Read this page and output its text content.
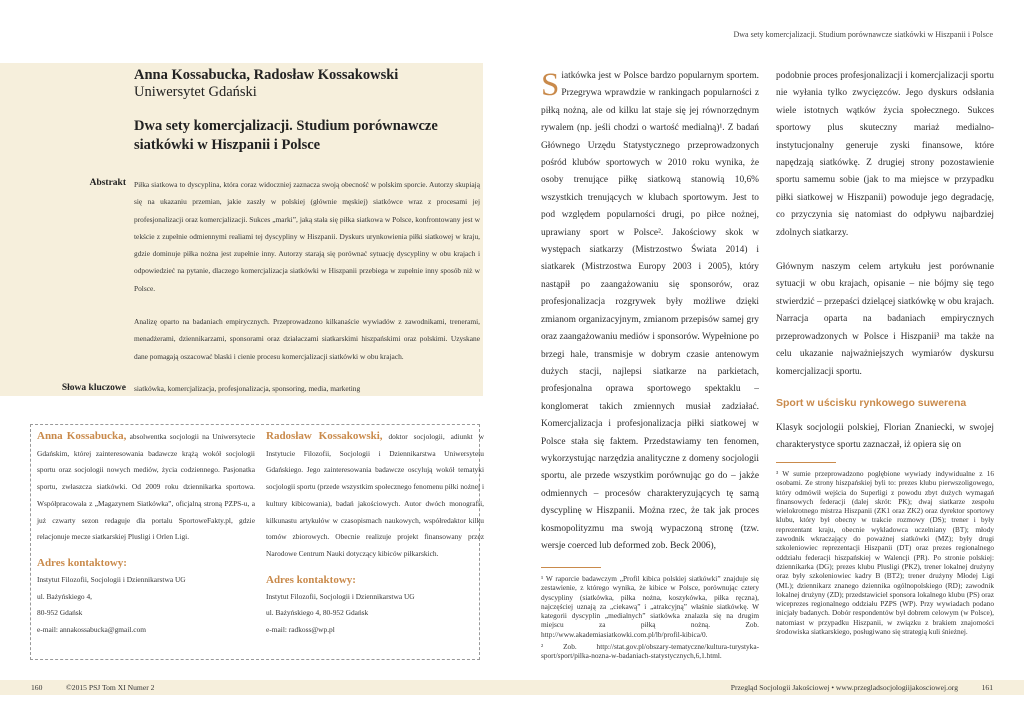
Dwa sety komercjalizacji. Studium porównawcze siatkówki w Hiszpanii i Polsce
Anna Kossabucka, Radosław Kossakowski
Uniwersytet Gdański
Dwa sety komercjalizacji. Studium porównawcze siatkówki w Hiszpanii i Polsce
Abstrakt Piłka siatkowa to dyscyplina, która coraz widoczniej zaznacza swoją obecność w polskim sporcie. Autorzy skupiają się na ukazaniu przemian, jakie zaszły w polskiej (głównie męskiej) siatkówce wraz z procesami jej profesjonalizacji oraz komercjalizacji. Sukces „marki”, jaką stała się piłka siatkowa w Polsce, konfrontowany jest w tekście z zupełnie odmiennymi realiami tej dyscypliny w Hiszpanii. Dyskurs urynkowienia piłki siatkowej w kraju, gdzie dominuje piłka nożna jest zupełnie inny. Autorzy starają się porównać sytuację dyscypliny w obu krajach i odpowiedzieć na pytanie, dlaczego komercjalizacja siatkówki w Hiszpanii przebiega w zupełnie inny sposób niż w Polsce.

Analizę oparto na badaniach empirycznych. Przeprowadzono kilkanaście wywiadów z zawodnikami, trenerami, menadżerami, dziennikarzami, sponsorami oraz działaczami siatkarskimi hiszpańskimi oraz polskimi. Uzyskane dane pomagają oszacować blaski i cienie procesu komercjalizacji siatkówki w obu krajach.

Słowa kluczowe siatkówka, komercjalizacja, profesjonalizacja, sponsoring, media, marketing

Anna Kossabucka, absolwentka socjologii na Uniwersytecie Gdańskim, której zainteresowania badawcze krążą wokół socjologii sportu oraz socjologii nowych mediów, życia codziennego. Pasjonatka sportu, zwłaszcza siatkówki. Od 2009 roku dziennikarka sportowa. Współpracowała z „Magazynem Siatkówka”, oficjalną stroną PZPS-u, a już czwarty sezon redaguje dla portalu SportoweFakty.pl, gdzie relacjonuje mecze siatkarskiej Plusligi i Orlen Ligi.

Adres kontaktowy:
Instytut Filozofii, Socjologii i Dziennikarstwa UG
ul. Bażyńskiego 4,
80-952 Gdańsk
e-mail: annakossabucka@gmail.com

Radosław Kossakowski, doktor socjologii, adiunkt w Instytucie Filozofii, Socjologii i Dziennikarstwa Uniwersytetu Gdańskiego. Jego zainteresowania badawcze oscylują wokół tematyki socjologii sportu (przede wszystkim społecznego fenomenu piłki nożnej i kultury kibicowania), badań jakościowych. Autor dwóch monografii, kilkunastu artykułów w czasopismach naukowych, współredaktor kilku tomów zbiorowych. Obecnie realizuje projekt finansowany przez Narodowe Centrum Nauki dotyczący kibiców piłkarskich.

Adres kontaktowy:
Instytut Filozofii, Socjologii i Dziennikarstwa UG
ul. Bażyńskiego 4, 80-952 Gdańsk
e-mail: radkoss@wp.pl

Siatkówka jest w Polsce bardzo popularnym sportem. Przegrywa wprawdzie w rankingach popularności z piłką nożną, ale od kilku lat staje się jej równorzędnym rywalem (np. jeśli chodzi o wartość medialną)¹. Z badań Głównego Urzędu Statystycznego przeprowadzonych pośród klubów sportowych w 2010 roku wynika, że osoby trenujące piłkę siatkową stanowią 10,6% wszystkich trenujących w klubach sportowym. Jest to pod względem popularności drugi, po piłce nożnej, uprawiany sport w Polsce². Jakościowy skok w występach siatkarzy (Mistrzostwo Świata 2014) i siatkarek (Mistrzostwa Europy 2003 i 2005), który nastąpił po zaangażowaniu się sponsorów, oraz profesjonalizacja rozgrywek były możliwe dzięki zmianom organizacyjnym, zmianom przepisów samej gry oraz zaangażowaniu mediów i sponsorów. Wypełnione po brzegi hale, transmisje w dobrym czasie antenowym dużych stacji, najlepsi siatkarze na parkietach, profesjonalna oprawa sportowego spektaklu – konglomerat takich zmiennych musiał zadziałać. Komercjalizacja i profesjonalizacja piłki siatkowej w Polsce stała się faktem. Przedstawiamy ten fenomen, wykorzystując narzędzia analityczne z domeny socjologii sportu, ale przede wszystkim porównując go do – jakże odmiennych – procesów charakteryzujących tę samą dyscyplinę w Hiszpanii. Można rzec, że tak jak proces kosmopolityzmu ma swoją wypaczoną stronę (tzw. wersje coerced lub deformed zob. Beck 2006),

¹ W raporcie badawczym „Profil kibica polskiej siatkówki” znajduje się zestawienie, z którego wynika, że kibice w Polsce, porównując cztery dyscypliny (siatkówka, piłka nożna, koszykówka, piłka ręczna), najczęściej uznają za „ciekawą” i „atrakcyjną” właśnie siatkówkę. W kategorii dyscyplin „medialnych” siatkówka znalazła się na drugim miejscu za piłką nożną. Zob. http://www.akademiasiatkowki.com.pl/lb/profil-kibica/0.

² Zob. http://stat.gov.pl/obszary-tematyczne/kultura-turystyka-sport/sport/pilka-nozna-w-badaniach-statystycznych,6,1.html.

podobnie proces profesjonalizacji i komercjalizacji sportu nie wyłania tylko zwycięzców. Jego dyskurs odsłania wiele istotnych wątków życia społecznego. Sukces sportowy plus skuteczny mariaż medialno-instytucjonalny generuje zyski finansowe, które napędzają siatkówkę. Z drugiej strony pozostawienie sportu samemu sobie (jak to ma miejsce w przypadku piłki siatkowej w Hiszpanii) powoduje jego degradację, co przyczynia się natomiast do odpływu najbardziej zdolnych siatkarzy.

Głównym naszym celem artykułu jest porównanie sytuacji w obu krajach, opisanie – nie bójmy się tego stwierdzić – przepaści dzielącej siatkówkę w obu krajach. Narracja oparta na badaniach empirycznych przeprowadzonych w Polsce i Hiszpanii³ ma także na celu ukazanie najważniejszych wymiarów dyskursu komercjalizacji sportu.

Sport w uścisku rynkowego suwerena

Klasyk socjologii polskiej, Florian Znaniecki, w swojej charakterystyce sportu zaznaczał, iż opiera się on

³ W sumie przeprowadzono pogłębione wywiady indywidualne z 16 osobami. Ze strony hiszpańskiej byli to: prezes klubu pierwszoligowego, który odmówił wejścia do Superligi z powodu zbyt dużych wymagań finansowych federacji (dalej skrót: PK); dwaj siatkarze zespołu wielokrotnego mistrza Hiszpanii (ZK1 oraz ZK2) oraz dyrektor sportowy klubu, który był obecny w trakcie rozmowy (DS); trener i były reprezentant kraju, obecnie wykładowca uczelniany (BT); młody zawodnik wkraczający do poważnej siatkówki (MZ); były drugi szkoleniowiec reprezentacji Hiszpanii (DT) oraz prezes regionalnego oddziału federacji hiszpańskiej w Walencji (PR). Po stronie polskiej: dziennikarka (DG); prezes klubu Plusligi (PK2), trener lokalnej drużyny oraz były szkoleniowiec kadry B (BT2); trener drużyny Młodej Ligi (ML); dziennikarz znanego dziennika ogólnopolskiego (RD); zawodnik lokalnej drużyny (ZD); przedstawiciel sponsora lokalnego klubu (PS) oraz wiceprezes regionalnego oddziału PZPS (WP). Przy wywiadach podano inicjały badanych. Dobór respondentów był dobrem celowym (w Polsce), natomiast w przypadku Hiszpanii, w związku z brakiem znajomości środowiska siatkarskiego, posługiwano się strategią kuli śnieżnej.

160	©2015 PSJ Tom XI Numer 2	Przegląd Socjologii Jakościowej • www.przegladsocjologiijakosciowej.org	161
